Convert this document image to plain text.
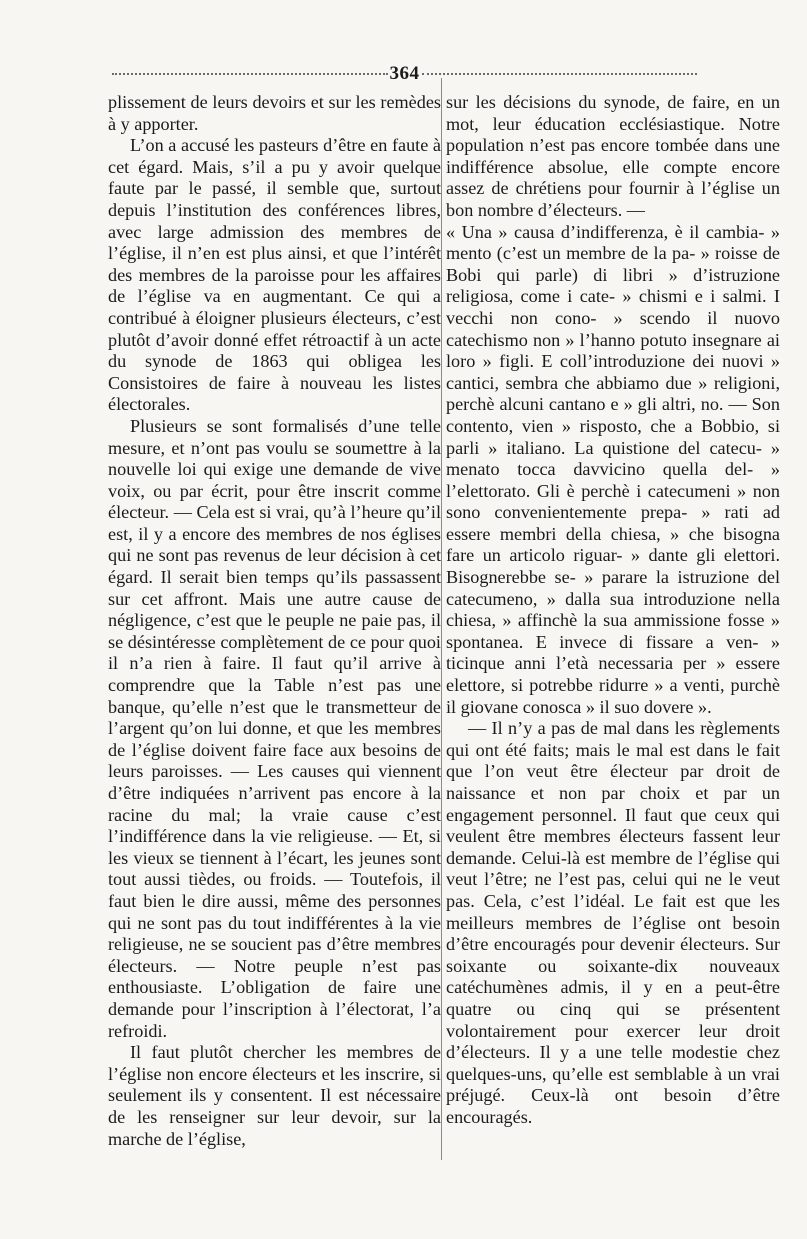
364

plissement de leurs devoirs et sur les remèdes à y apporter.

L’on a accusé les pasteurs d’être en faute à cet égard. Mais, s’il a pu y avoir quelque faute par le passé, il semble que, surtout depuis l’institution des conférences libres, avec large admission des membres de l’église, il n’en est plus ainsi, et que l’intérêt des membres de la paroisse pour les affaires de l’église va en augmentant. Ce qui a contribué à éloigner plusieurs électeurs, c’est plutôt d’avoir donné effet rétroactif à un acte du synode de 1863 qui obligea les Consistoires de faire à nouveau les listes électorales.

Plusieurs se sont formalisés d’une telle mesure, et n’ont pas voulu se soumettre à la nouvelle loi qui exige une demande de vive voix, ou par écrit, pour être inscrit comme électeur. — Cela est si vrai, qu’à l’heure qu’il est, il y a encore des membres de nos églises qui ne sont pas revenus de leur décision à cet égard. Il serait bien temps qu’ils passassent sur cet affront. Mais une autre cause de négligence, c’est que le peuple ne paie pas, il se désintéresse complètement de ce pour quoi il n’a rien à faire. Il faut qu’il arrive à comprendre que la Table n’est pas une banque, qu’elle n’est que le transmetteur de l’argent qu’on lui donne, et que les membres de l’église doivent faire face aux besoins de leurs paroisses. — Les causes qui viennent d’être indiquées n’arrivent pas encore à la racine du mal; la vraie cause c’est l’indifférence dans la vie religieuse. — Et, si les vieux se tiennent à l’écart, les jeunes sont tout aussi tièdes, ou froids. — Toutefois, il faut bien le dire aussi, même des personnes qui ne sont pas du tout indifférentes à la vie religieuse, ne se soucient pas d’être membres électeurs. — Notre peuple n’est pas enthousiaste. L’obligation de faire une demande pour l’inscription à l’électorat, l’a refroidi.

Il faut plutôt chercher les membres de l’église non encore électeurs et les inscrire, si seulement ils y consentent. Il est nécessaire de les renseigner sur leur devoir, sur la marche de l’église,

sur les décisions du synode, de faire, en un mot, leur éducation ecclésiastique. Notre population n’est pas encore tombée dans une indifférence absolue, elle compte encore assez de chrétiens pour fournir à l’église un bon nombre d’électeurs. —

« Una » causa d’indifferenza, è il cambia- » mento (c’est un membre de la pa- » roisse de Bobi qui parle) di libri » d’istruzione religiosa, come i cate- » chismi e i salmi. I vecchi non cono- » scendo il nuovo catechismo non » l’hanno potuto insegnare ai loro » figli. E coll’introduzione dei nuovi » cantici, sembra che abbiamo due » religioni, perchè alcuni cantano e » gli altri, no. — Son contento, vien » risposto, che a Bobbio, si parli » italiano. La quistione del catecu- » menato tocca davvicino quella del- » l’elettorato. Gli è perchè i catecumeni » non sono convenientemente prepa- » rati ad essere membri della chiesa, » che bisogna fare un articolo riguar- » dante gli elettori. Bisognerebbe se- » parare la istruzione del catecumeno, » dalla sua introduzione nella chiesa, » affinchè la sua ammissione fosse » spontanea. E invece di fissare a ven- » ticinque anni l’età necessaria per » essere elettore, si potrebbe ridurre » a venti, purchè il giovane conosca » il suo dovere ».

— Il n’y a pas de mal dans les règlements qui ont été faits; mais le mal est dans le fait que l’on veut être électeur par droit de naissance et non par choix et par un engagement personnel. Il faut que ceux qui veulent être membres électeurs fassent leur demande. Celui-là est membre de l’église qui veut l’être; ne l’est pas, celui qui ne le veut pas. Cela, c’est l’idéal. Le fait est que les meilleurs membres de l’église ont besoin d’être encouragés pour devenir électeurs. Sur soixante ou soixante-dix nouveaux catéchumènes admis, il y en a peut-être quatre ou cinq qui se présentent volontairement pour exercer leur droit d’électeurs. Il y a une telle modestie chez quelques-uns, qu’elle est semblable à un vrai préjugé. Ceux-là ont besoin d’être encouragés.
